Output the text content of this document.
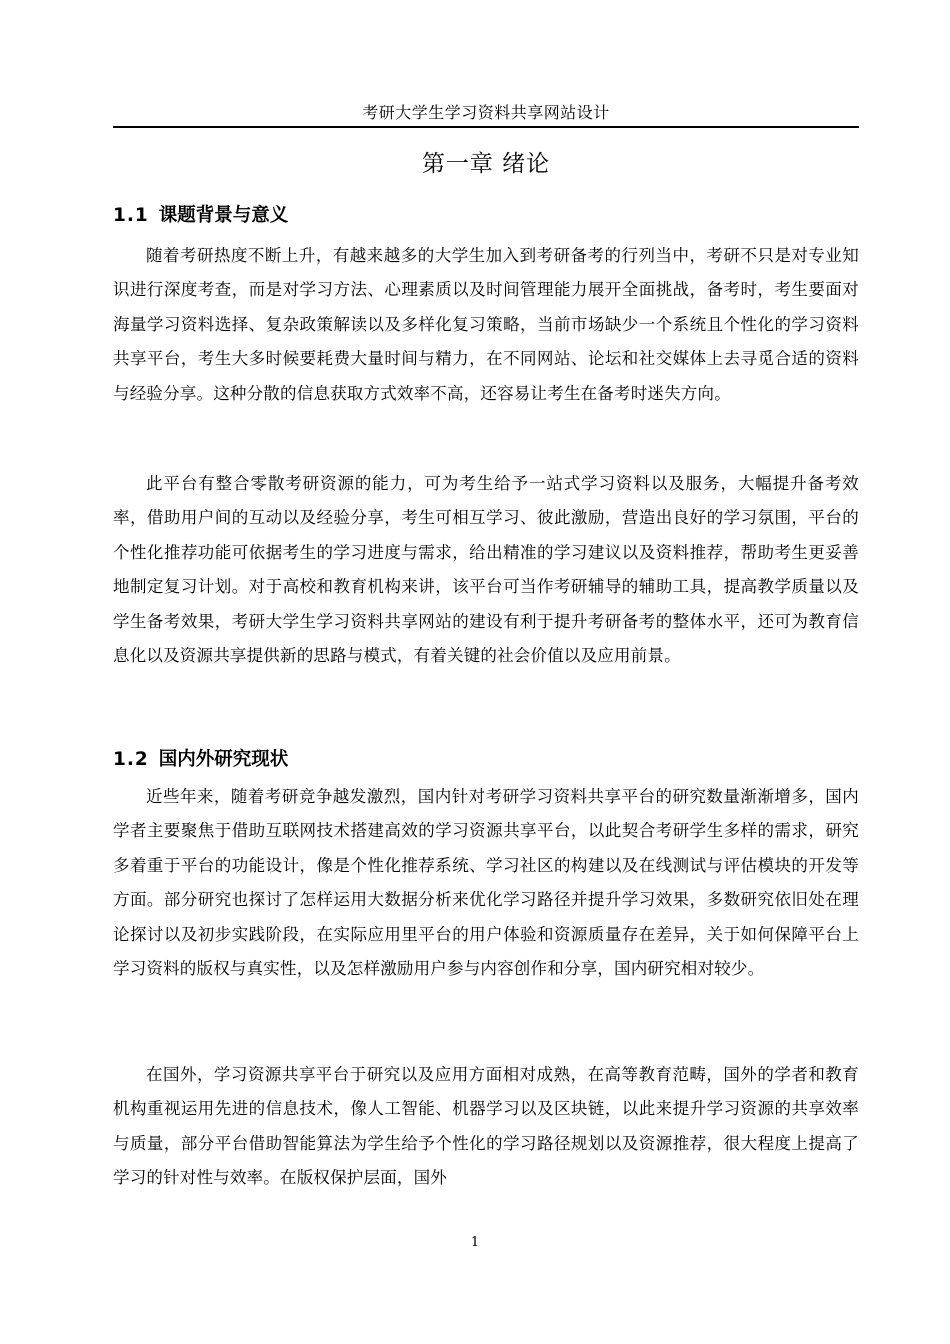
考研大学生学习资料共享网站设计
第一章 绪论
1.1 课题背景与意义

随着考研热度不断上升，有越来越多的大学生加入到考研备考的行列当中，考研不只是对专业知识进行深度考查，而是对学习方法、心理素质以及时间管理能力展开全面挑战，备考时，考生要面对海量学习资料选择、复杂政策解读以及多样化复习策略，当前市场缺少一个系统且个性化的学习资料共享平台，考生大多时候要耗费大量时间与精力，在不同网站、论坛和社交媒体上去寻觅合适的资料与经验分享。这种分散的信息获取方式效率不高，还容易让考生在备考时迷失方向。

此平台有整合零散考研资源的能力，可为考生给予一站式学习资料以及服务，大幅提升备考效率，借助用户间的互动以及经验分享，考生可相互学习、彼此激励，营造出良好的学习氛围，平台的个性化推荐功能可依据考生的学习进度与需求，给出精准的学习建议以及资料推荐，帮助考生更妥善地制定复习计划。对于高校和教育机构来讲，该平台可当作考研辅导的辅助工具，提高教学质量以及学生备考效果，考研大学生学习资料共享网站的建设有利于提升考研备考的整体水平，还可为教育信息化以及资源共享提供新的思路与模式，有着关键的社会价值以及应用前景。

1.2 国内外研究现状

近些年来，随着考研竞争越发激烈，国内针对考研学习资料共享平台的研究数量渐渐增多，国内学者主要聚焦于借助互联网技术搭建高效的学习资源共享平台，以此契合考研学生多样的需求，研究多着重于平台的功能设计，像是个性化推荐系统、学习社区的构建以及在线测试与评估模块的开发等方面。部分研究也探讨了怎样运用大数据分析来优化学习路径并提升学习效果，多数研究依旧处在理论探讨以及初步实践阶段，在实际应用里平台的用户体验和资源质量存在差异，关于如何保障平台上学习资料的版权与真实性，以及怎样激励用户参与内容创作和分享，国内研究相对较少。

在国外，学习资源共享平台于研究以及应用方面相对成熟，在高等教育范畴，国外的学者和教育机构重视运用先进的信息技术，像人工智能、机器学习以及区块链，以此来提升学习资源的共享效率与质量，部分平台借助智能算法为学生给予个性化的学习路径规划以及资源推荐，很大程度上提高了学习的针对性与效率。在版权保护层面，国外

1
